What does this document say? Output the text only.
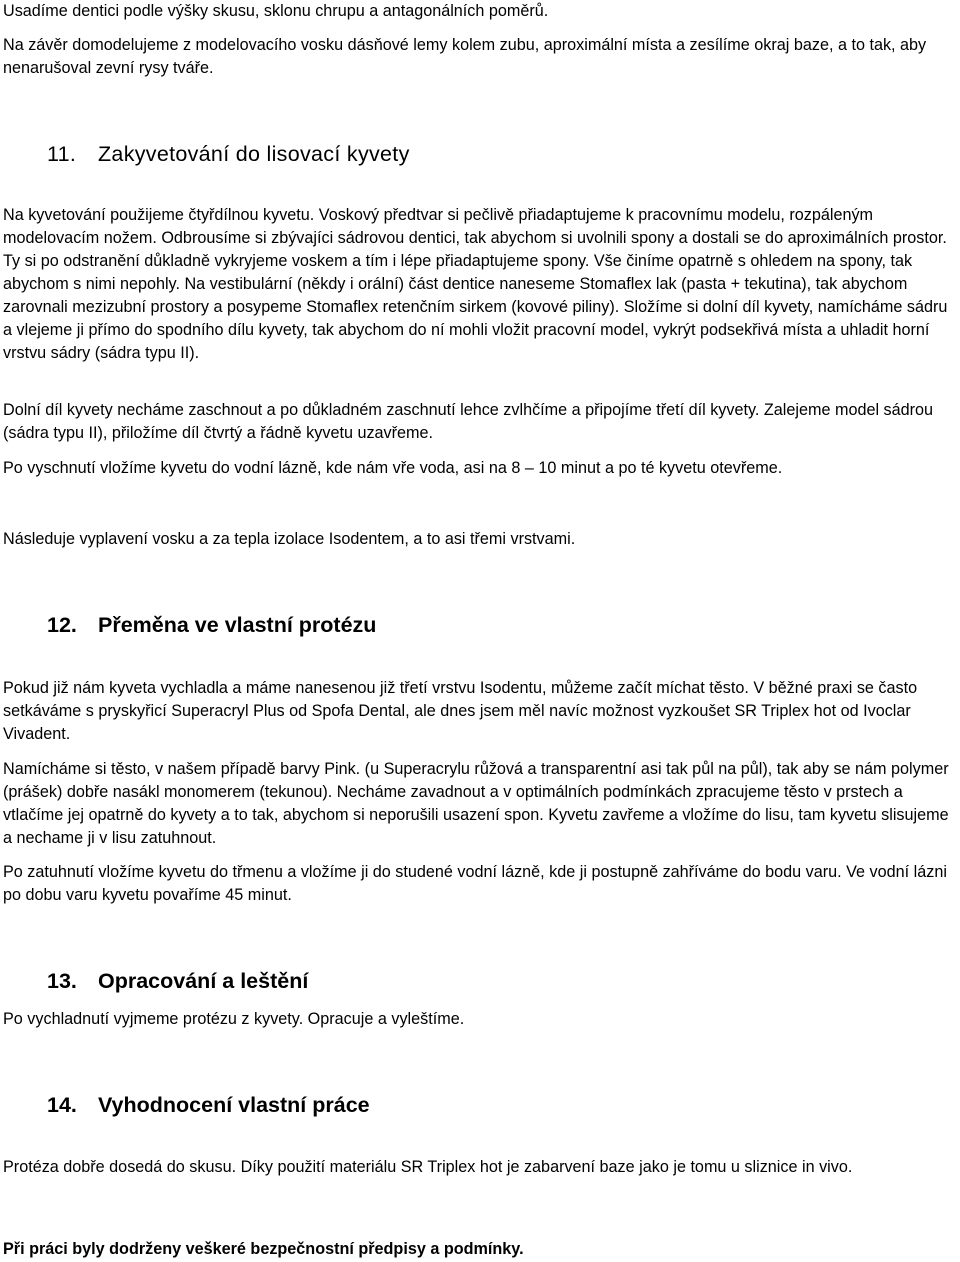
Usadíme dentici podle výšky skusu, sklonu chrupu a antagonálních poměrů.

Na závěr domodelujeme z modelovacího vosku dásňové lemy kolem zubu, aproximální místa a zesílíme okraj baze, a to tak, aby nenarušoval zevní rysy tváře.

11. Zakyvetování do lisovací kyvety

Na kyvetování použijeme čtyřdílnou kyvetu. Voskový předtvar si pečlivě přiadaptujeme k pracovnímu modelu, rozpáleným modelovacím nožem. Odbrousíme si zbývajíci sádrovou dentici, tak abychom si uvolnili spony a dostali se do aproximálních prostor. Ty si po odstranění důkladně vykryjeme voskem a tím i lépe přiadaptujeme spony. Vše činíme opatrně s ohledem na spony, tak abychom s nimi nepohly. Na vestibulární (někdy i orální) část dentice naneseme Stomaflex lak (pasta + tekutina), tak abychom zarovnali mezizubní prostory a posypeme Stomaflex retenčním sirkem (kovové piliny). Složíme si dolní díl kyvety, namícháme sádru a vlejeme ji přímo do spodního dílu kyvety, tak abychom do ní mohli vložit pracovní model, vykrýt podsekřivá místa a uhladit horní vrstvu sádry (sádra typu II).

Dolní díl kyvety necháme zaschnout a po důkladném zaschnutí lehce zvlhčíme a připojíme třetí díl kyvety. Zalejeme model sádrou (sádra typu II), přiložíme díl čtvrtý a řádně kyvetu uzavřeme.

Po vyschnutí vložíme kyvetu do vodní lázně, kde nám vře voda, asi na 8 – 10 minut a po té kyvetu otevřeme.

Následuje vyplavení vosku a za tepla izolace Isodentem, a to asi třemi vrstvami.

12. Přeměna ve vlastní protézu

Pokud již nám kyveta vychladla a máme nanesenou již třetí vrstvu Isodentu, můžeme začít míchat těsto. V běžné praxi se často setkáváme s pryskyřicí Superacryl Plus od Spofa Dental, ale dnes jsem měl navíc možnost vyzkoušet SR Triplex hot od Ivoclar Vivadent.

Namícháme si těsto, v našem případě barvy Pink. (u Superacrylu růžová a transparentní asi tak půl na půl), tak aby se nám polymer (prášek) dobře nasákl monomerem (tekunou). Necháme zavadnout a v optimálních podmínkách zpracujeme těsto v prstech a vtlačíme jej opatrně do kyvety a to tak, abychom si neporušili usazení spon. Kyvetu zavřeme a vložíme do lisu, tam kyvetu slisujeme a nechame ji v lisu zatuhnout.

Po zatuhnutí vložíme kyvetu do třmenu a vložíme ji do studené vodní lázně, kde ji postupně zahříváme do bodu varu. Ve vodní lázni po dobu varu kyvetu povaříme 45 minut.

13. Opracování a leštění

Po vychladnutí vyjmeme protézu z kyvety. Opracuje a vyleštíme.

14. Vyhodnocení vlastní práce

Protéza dobře dosedá do skusu. Díky použití materiálu SR Triplex hot je zabarvení baze jako je tomu u sliznice in vivo.

Při práci byly dodrženy veškeré bezpečnostní předpisy a podmínky.
